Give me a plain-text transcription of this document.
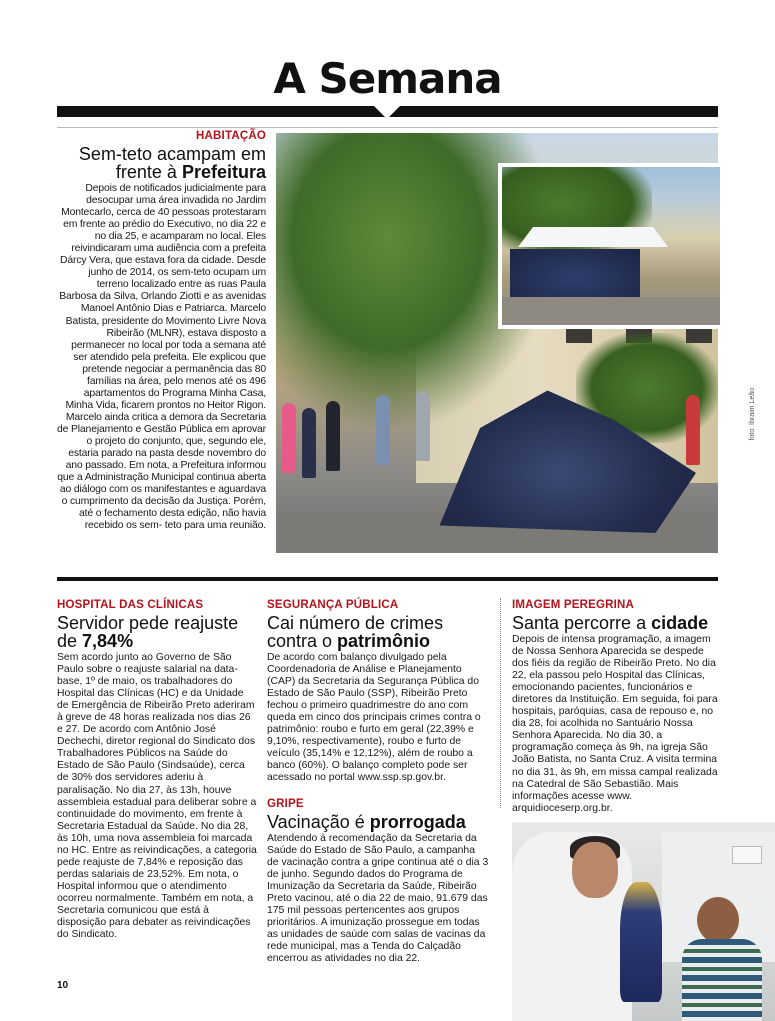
A Semana
HABITAÇÃO
Sem-teto acampam em frente à Prefeitura
Depois de notificados judicialmente para desocupar uma área invadida no Jardim Montecarlo, cerca de 40 pessoas protestaram em frente ao prédio do Executivo, no dia 22 e no dia 25, e acamparam no local. Eles reivindicaram uma audiência com a prefeita Dárcy Vera, que estava fora da cidade. Desde junho de 2014, os sem-teto ocupam um terreno localizado entre as ruas Paula Barbosa da Silva, Orlando Ziotti e as avenidas Manoel Antônio Dias e Patriarca. Marcelo Batista, presidente do Movimento Livre Nova Ribeirão (MLNR), estava disposto a permanecer no local por toda a semana até ser atendido pela prefeita. Ele explicou que pretende negociar a permanência das 80 famílias na área, pelo menos até os 496 apartamentos do Programa Minha Casa, Minha Vida, ficarem prontos no Heitor Rigon. Marcelo ainda critica a demora da Secretaria de Planejamento e Gestão Pública em aprovar o projeto do conjunto, que, segundo ele, estaria parado na pasta desde novembro do ano passado. Em nota, a Prefeitura informou que a Administração Municipal continua aberta ao diálogo com os manifestantes e aguardava o cumprimento da decisão da Justiça. Porém, até o fechamento desta edição, não havia recebido os sem- teto para uma reunião.
foto: Ibraim Leão
HOSPITAL DAS CLÍNICAS
Servidor pede reajuste de 7,84%
Sem acordo junto ao Governo de São Paulo sobre o reajuste salarial na data-base, 1º de maio, os trabalhadores do Hospital das Clínicas (HC) e da Unidade de Emergência de Ribeirão Preto aderiram à greve de 48 horas realizada nos dias 26 e 27. De acordo com Antônio José Dechechi, diretor regional do Sindicato dos Trabalhadores Públicos na Saúde do Estado de São Paulo (Sindsaúde), cerca de 30% dos servidores aderiu à paralisação. No dia 27, às 13h, houve assembleia estadual para deliberar sobre a continuidade do movimento, em frente à Secretaria Estadual da Saúde. No dia 28, às 10h, uma nova assembleia foi marcada no HC. Entre as reivindicações, a categoria pede reajuste de 7,84% e reposição das perdas salariais de 23,52%. Em nota, o Hospital informou que o atendimento ocorreu normalmente. Também em nota, a Secretaria comunicou que está à disposição para debater as reivindicações do Sindicato.
SEGURANÇA PÚBLICA
Cai número de crimes contra o patrimônio
De acordo com balanço divulgado pela Coordenadoria de Análise e Planejamento (CAP) da Secretaria da Segurança Pública do Estado de São Paulo (SSP), Ribeirão Preto fechou o primeiro quadrimestre do ano com queda em cinco dos principais crimes contra o patrimônio: roubo e furto em geral (22,39% e 9,10%, respectivamente), roubo e furto de veículo (35,14% e 12,12%), além de roubo a banco (60%). O balanço completo pode ser acessado no portal www.ssp.sp.gov.br.
GRIPE
Vacinação é prorrogada
Atendendo à recomendação da Secretaria da Saúde do Estado de São Paulo, a campanha de vacinação contra a gripe continua até o dia 3 de junho. Segundo dados do Programa de Imunização da Secretaria da Saúde, Ribeirão Preto vacinou, até o dia 22 de maio, 91.679 das 175 mil pessoas pertencentes aos grupos prioritários. A imunização prossegue em todas as unidades de saúde com salas de vacinas da rede municipal, mas a Tenda do Calçadão encerrou as atividades no dia 22.
IMAGEM PEREGRINA
Santa percorre a cidade
Depois de intensa programação, a imagem de Nossa Senhora Aparecida se despede dos fiéis da região de Ribeirão Preto. No dia 22, ela passou pelo Hospital das Clínicas, emocionando pacientes, funcionários e diretores da Instituição. Em seguida, foi para hospitais, paróquias, casa de repouso e, no dia 28, foi acolhida no Santuário Nossa Senhora Aparecida. No dia 30, a programação começa às 9h, na igreja São João Batista, no Santa Cruz. A visita termina no dia 31, às 9h, em missa campal realizada na Catedral de São Sebastião. Mais informações acesse www. arquidioceserp.org.br.
10
